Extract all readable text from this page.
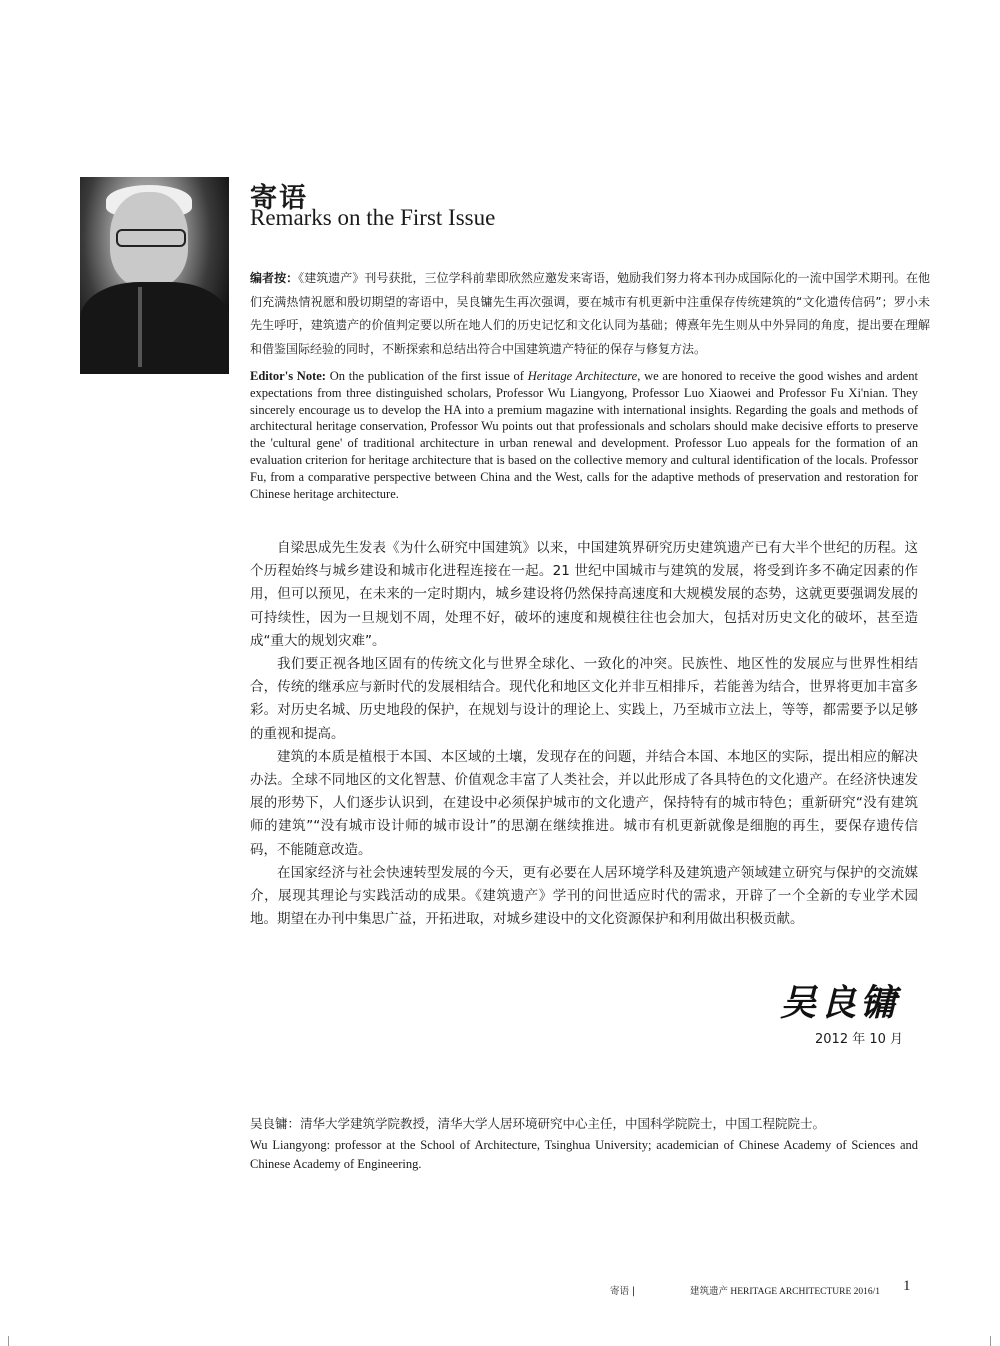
寄语
Remarks on the First Issue
编者按：《建筑遗产》刊号获批，三位学科前辈即欣然应邀发来寄语，勉励我们努力将本刊办成国际化的一流中国学术期刊。在他们充满热情祝愿和殷切期望的寄语中，吴良镛先生再次强调，要在城市有机更新中注重保存传统建筑的“文化遗传信码”；罗小未先生呼吁，建筑遗产的价值判定要以所在地人们的历史记忆和文化认同为基础；傅熹年先生则从中外异同的角度，提出要在理解和借鉴国际经验的同时，不断探索和总结出符合中国建筑遗产特征的保存与修复方法。
Editor's Note: On the publication of the first issue of Heritage Architecture, we are honored to receive the good wishes and ardent expectations from three distinguished scholars, Professor Wu Liangyong, Professor Luo Xiaowei and Professor Fu Xi'nian. They sincerely encourage us to develop the HA into a premium magazine with international insights. Regarding the goals and methods of architectural heritage conservation, Professor Wu points out that professionals and scholars should make decisive efforts to preserve the 'cultural gene' of traditional architecture in urban renewal and development. Professor Luo appeals for the formation of an evaluation criterion for heritage architecture that is based on the collective memory and cultural identification of the locals. Professor Fu, from a comparative perspective between China and the West, calls for the adaptive methods of preservation and restoration for Chinese heritage architecture.

自梁思成先生发表《为什么研究中国建筑》以来，中国建筑界研究历史建筑遗产已有大半个世纪的历程。这个历程始终与城乡建设和城市化进程连接在一起。21 世纪中国城市与建筑的发展，将受到许多不确定因素的作用，但可以预见，在未来的一定时期内，城乡建设将仍然保持高速度和大规模发展的态势，这就更要强调发展的可持续性，因为一旦规划不周，处理不好，破坏的速度和规模往往也会加大，包括对历史文化的破坏，甚至造成“重大的规划灾难”。

我们要正视各地区固有的传统文化与世界全球化、一致化的冲突。民族性、地区性的发展应与世界性相结合，传统的继承应与新时代的发展相结合。现代化和地区文化并非互相排斥，若能善为结合，世界将更加丰富多彩。对历史名城、历史地段的保护，在规划与设计的理论上、实践上，乃至城市立法上，等等，都需要予以足够的重视和提高。

建筑的本质是植根于本国、本区域的土壤，发现存在的问题，并结合本国、本地区的实际，提出相应的解决办法。全球不同地区的文化智慧、价值观念丰富了人类社会，并以此形成了各具特色的文化遗产。在经济快速发展的形势下，人们逐步认识到，在建设中必须保护城市的文化遗产，保持特有的城市特色；重新研究“没有建筑师的建筑”“没有城市设计师的城市设计”的思潮在继续推进。城市有机更新就像是细胞的再生，要保存遗传信码，不能随意改造。

在国家经济与社会快速转型发展的今天，更有必要在人居环境学科及建筑遗产领域建立研究与保护的交流媒介，展现其理论与实践活动的成果。《建筑遗产》学刊的问世适应时代的需求，开辟了一个全新的专业学术园地。期望在办刊中集思广益，开拓进取，对城乡建设中的文化资源保护和利用做出积极贡献。

吴良镛
2012 年 10 月
吴良镛：清华大学建筑学院教授，清华大学人居环境研究中心主任，中国科学院院士，中国工程院院士。
Wu Liangyong: professor at the School of Architecture, Tsinghua University; academician of Chinese Academy of Sciences and Chinese Academy of Engineering.
寄语 |	建筑遗产 HERITAGE ARCHITECTURE 2016/1 1
